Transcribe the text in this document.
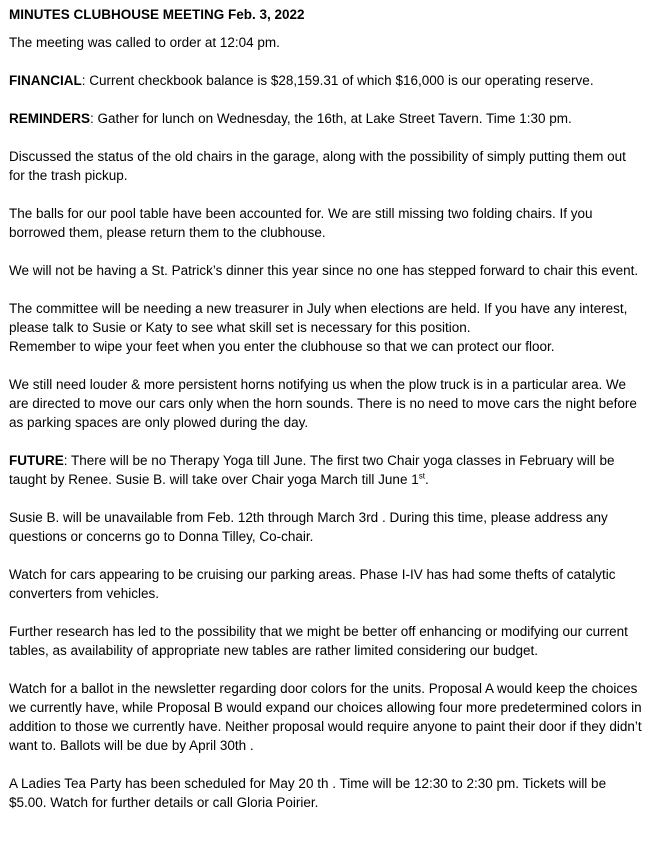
MINUTES CLUBHOUSE MEETING Feb. 3, 2022

The meeting was called to order at 12:04 pm.

FINANCIAL: Current checkbook balance is $28,159.31 of which $16,000 is our operating reserve.

REMINDERS: Gather for lunch on Wednesday, the 16th, at Lake Street Tavern. Time 1:30 pm.

Discussed the status of the old chairs in the garage, along with the possibility of simply putting them out for the trash pickup.

The balls for our pool table have been accounted for. We are still missing two folding chairs. If you borrowed them, please return them to the clubhouse.

We will not be having a St. Patrick’s dinner this year since no one has stepped forward to chair this event.

The committee will be needing a new treasurer in July when elections are held. If you have any interest, please talk to Susie or Katy to see what skill set is necessary for this position.

Remember to wipe your feet when you enter the clubhouse so that we can protect our floor.

We still need louder & more persistent horns notifying us when the plow truck is in a particular area. We are directed to move our cars only when the horn sounds. There is no need to move cars the night before as parking spaces are only plowed during the day.

FUTURE: There will be no Therapy Yoga till June. The first two Chair yoga classes in February will be taught by Renee. Susie B. will take over Chair yoga March till June 1st.

Susie B. will be unavailable from Feb. 12th through March 3rd . During this time, please address any questions or concerns go to Donna Tilley, Co-chair.

Watch for cars appearing to be cruising our parking areas. Phase I-IV has had some thefts of catalytic converters from vehicles.

Further research has led to the possibility that we might be better off enhancing or modifying our current tables, as availability of appropriate new tables are rather limited considering our budget.

Watch for a ballot in the newsletter regarding door colors for the units. Proposal A would keep the choices we currently have, while Proposal B would expand our choices allowing four more predetermined colors in addition to those we currently have. Neither proposal would require anyone to paint their door if they didn’t want to. Ballots will be due by April 30th .

A Ladies Tea Party has been scheduled for May 20 th . Time will be 12:30 to 2:30 pm. Tickets will be $5.00. Watch for further details or call Gloria Poirier.
